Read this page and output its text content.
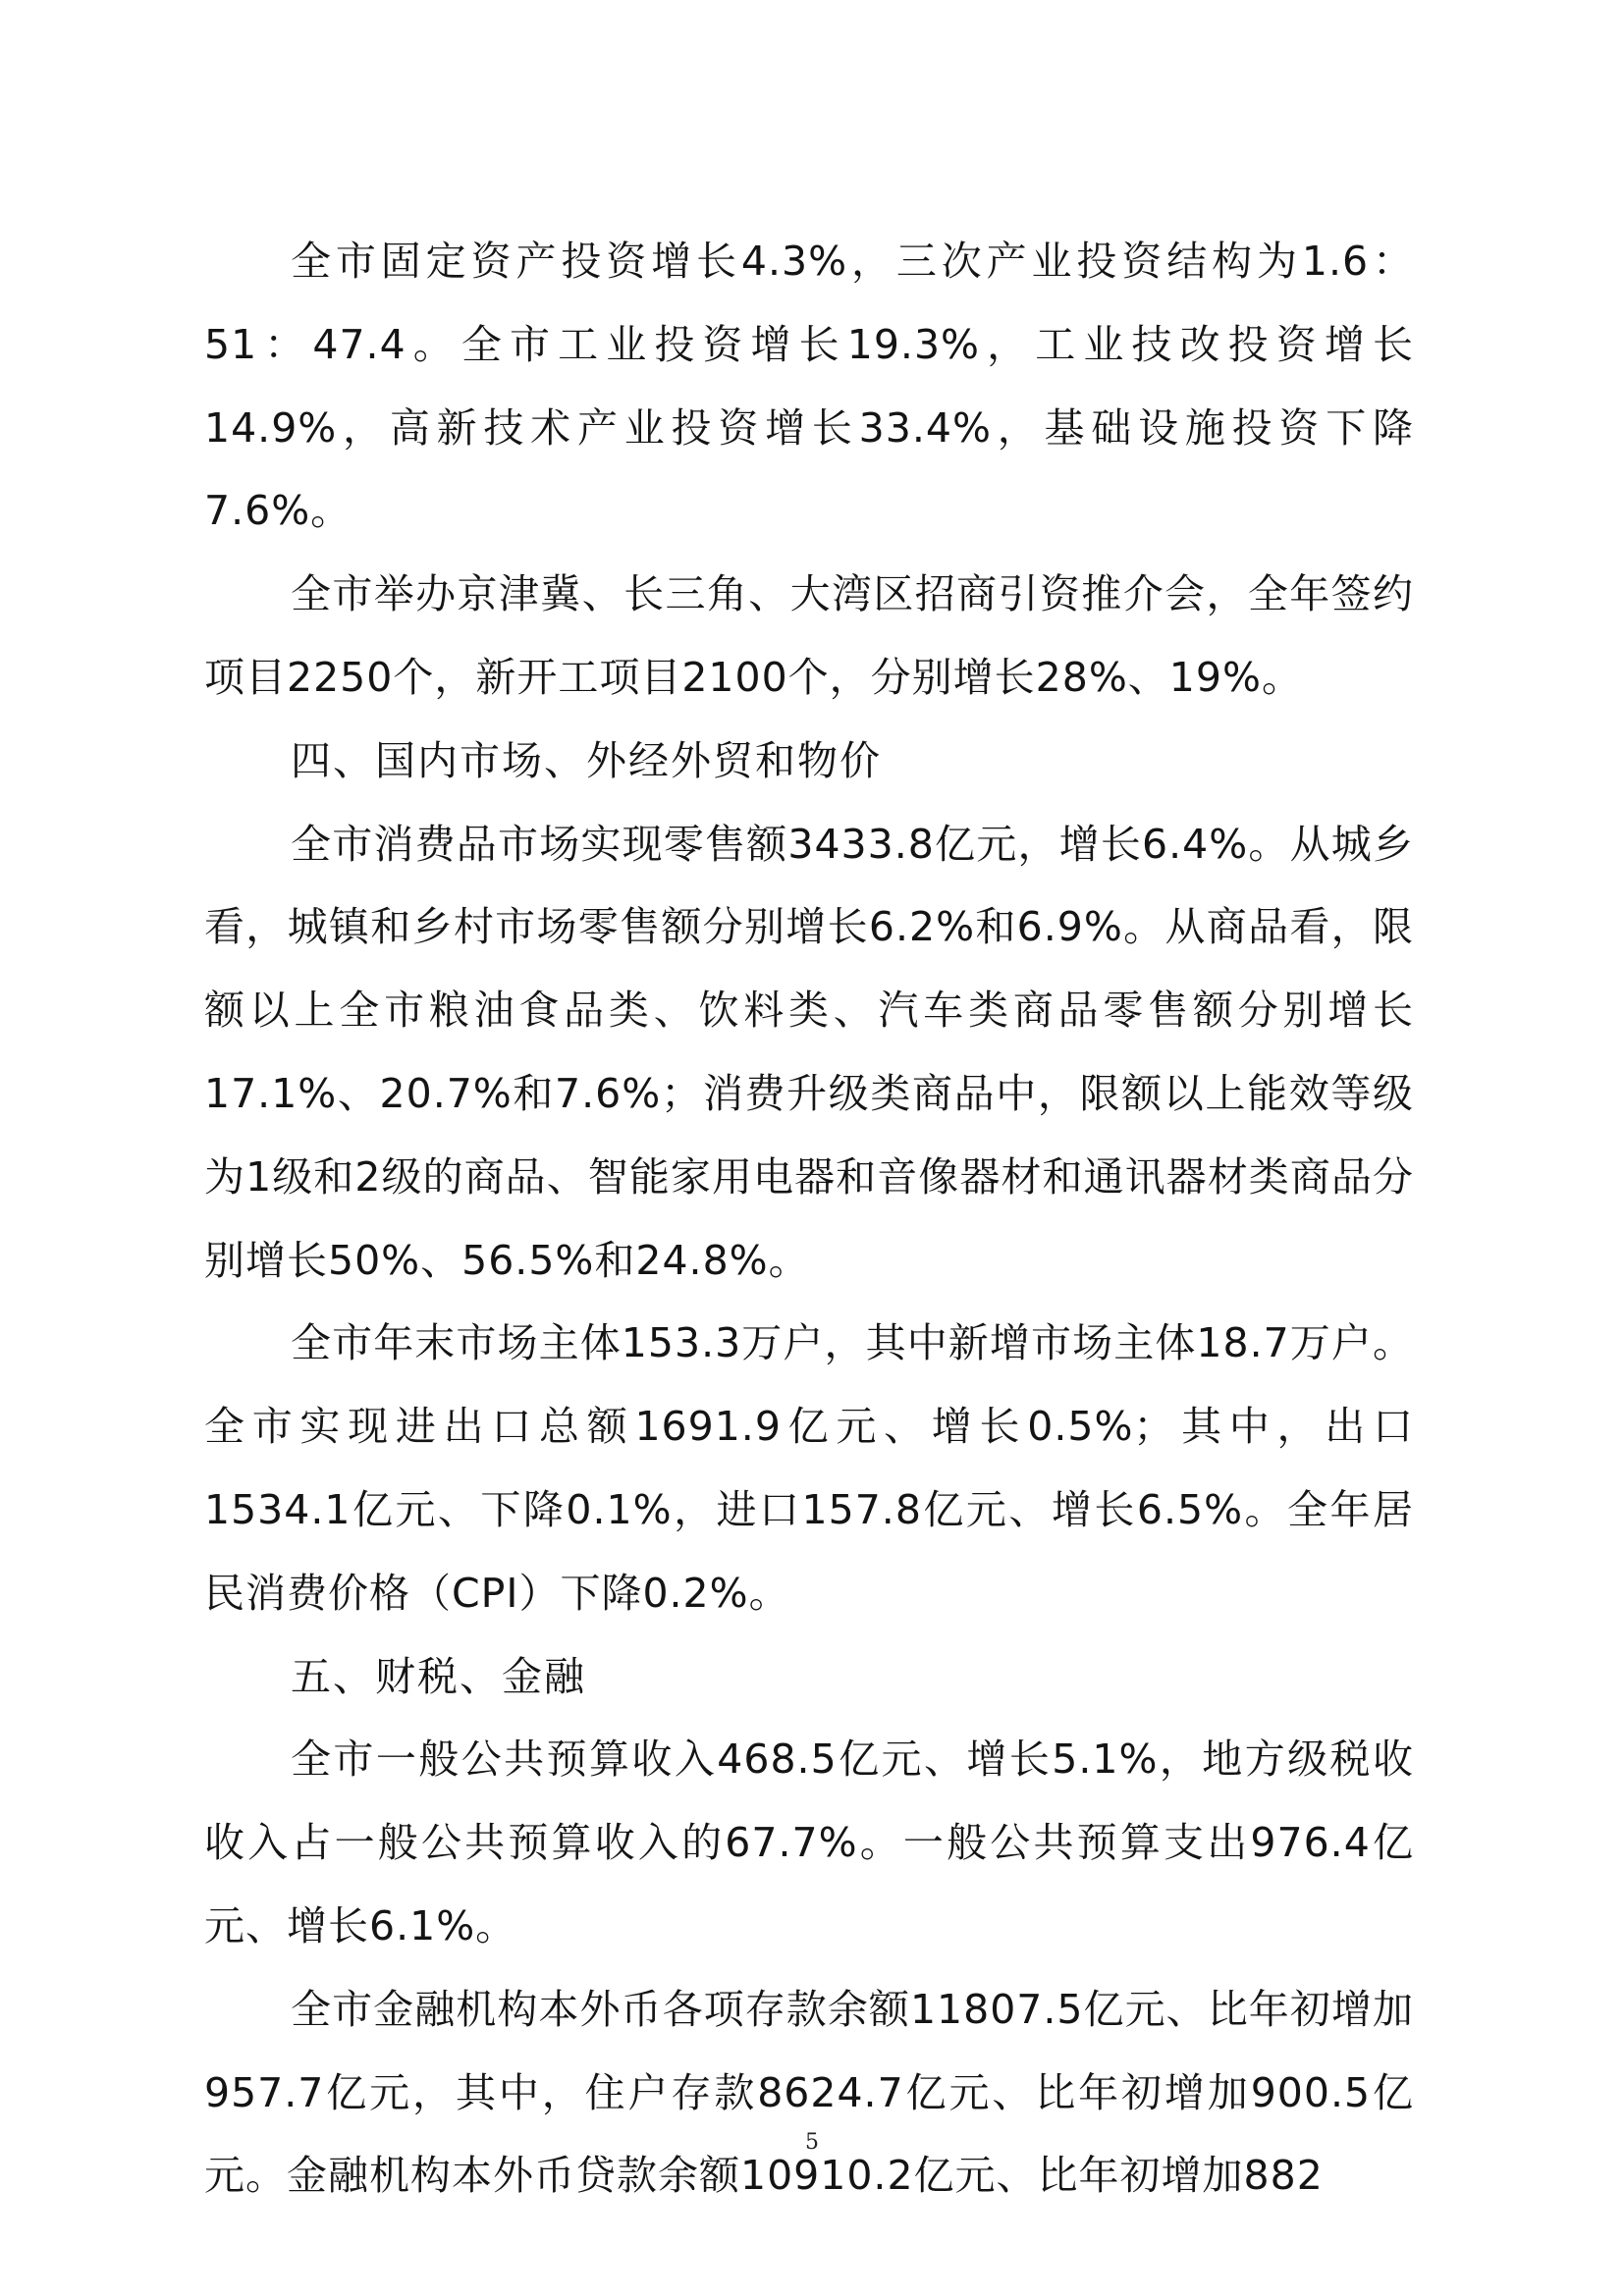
全市固定资产投资增长4.3%，三次产业投资结构为1.6：51：47.4。全市工业投资增长19.3%，工业技改投资增长14.9%，高新技术产业投资增长33.4%，基础设施投资下降7.6%。

全市举办京津冀、长三角、大湾区招商引资推介会，全年签约项目2250个，新开工项目2100个，分别增长28%、19%。

四、国内市场、外经外贸和物价

全市消费品市场实现零售额3433.8亿元，增长6.4%。从城乡看，城镇和乡村市场零售额分别增长6.2%和6.9%。从商品看，限额以上全市粮油食品类、饮料类、汽车类商品零售额分别增长17.1%、20.7%和7.6%；消费升级类商品中，限额以上能效等级为1级和2级的商品、智能家用电器和音像器材和通讯器材类商品分别增长50%、56.5%和24.8%。

全市年末市场主体153.3万户，其中新增市场主体18.7万户。全市实现进出口总额1691.9亿元、增长0.5%；其中，出口1534.1亿元、下降0.1%，进口157.8亿元、增长6.5%。全年居民消费价格（CPI）下降0.2%。

五、财税、金融

全市一般公共预算收入468.5亿元、增长5.1%，地方级税收收入占一般公共预算收入的67.7%。一般公共预算支出976.4亿元、增长6.1%。

全市金融机构本外币各项存款余额11807.5亿元、比年初增加957.7亿元，其中，住户存款8624.7亿元、比年初增加900.5亿元。金融机构本外币贷款余额10910.2亿元、比年初增加882

5
